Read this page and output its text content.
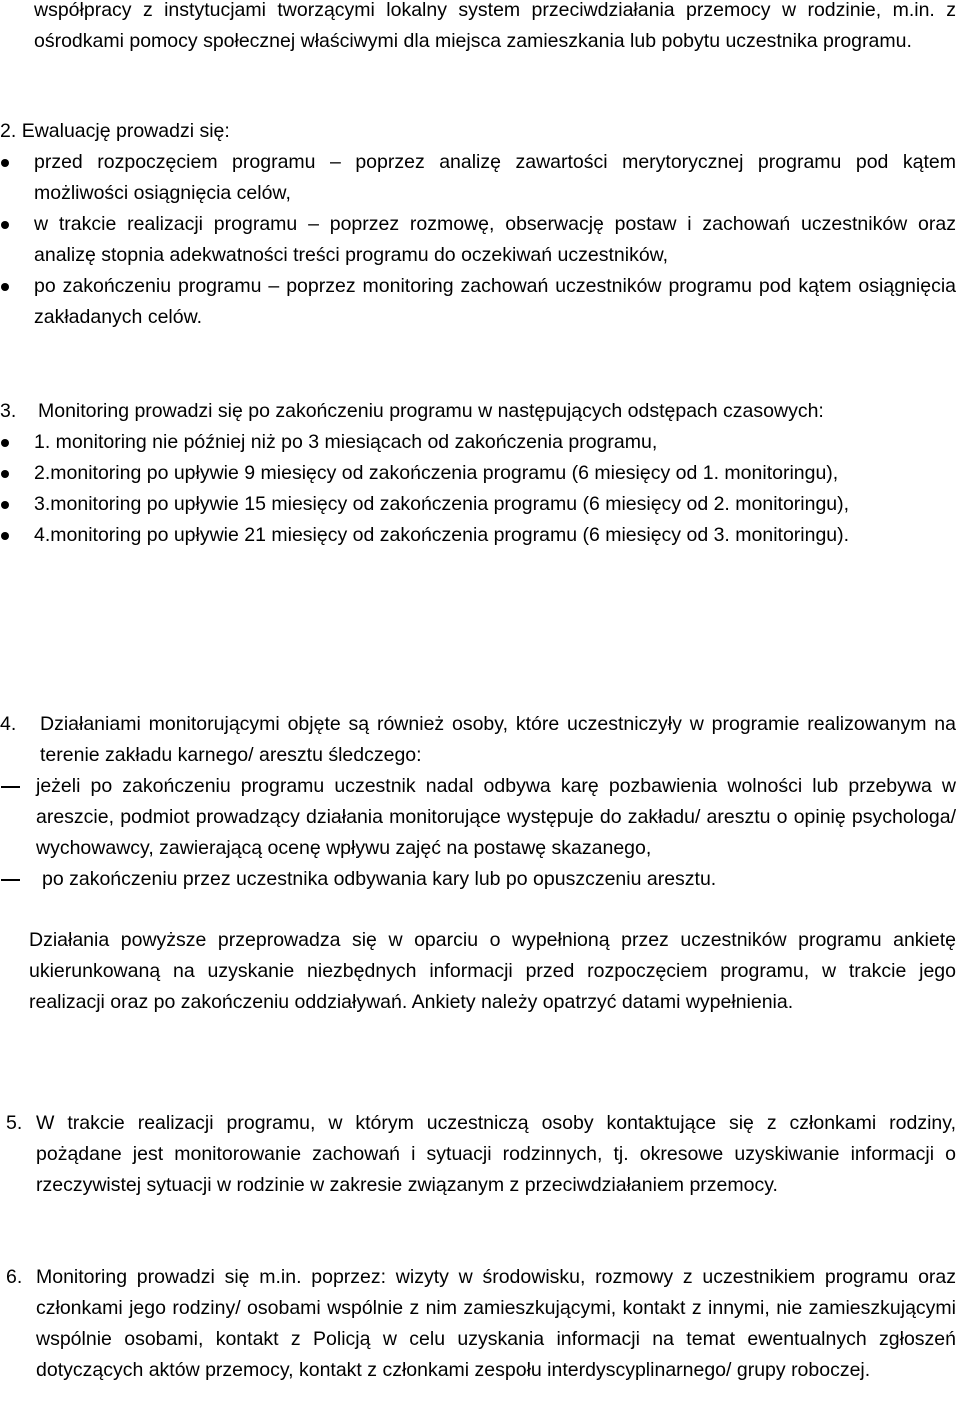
współpracy z instytucjami tworzącymi lokalny system przeciwdziałania przemocy w rodzinie, m.in. z ośrodkami pomocy społecznej właściwymi dla miejsca zamieszkania lub pobytu uczestnika programu.
2. Ewaluację prowadzi się:
przed rozpoczęciem programu – poprzez analizę zawartości merytorycznej programu pod kątem możliwości osiągnięcia celów,
w trakcie realizacji programu – poprzez rozmowę, obserwację postaw i zachowań uczestników oraz analizę stopnia adekwatności treści programu do oczekiwań uczestników,
po zakończeniu programu – poprzez monitoring zachowań uczestników programu pod kątem osiągnięcia zakładanych celów.
3. Monitoring prowadzi się po zakończeniu programu w następujących odstępach czasowych:
1. monitoring nie później niż po 3 miesiącach od zakończenia programu,
2.monitoring po upływie 9 miesięcy od zakończenia programu (6 miesięcy od 1. monitoringu),
3.monitoring po upływie 15 miesięcy od zakończenia programu (6 miesięcy od 2. monitoringu),
4.monitoring po upływie 21 miesięcy od zakończenia programu (6 miesięcy od 3. monitoringu).
4. Działaniami monitorującymi objęte są również osoby, które uczestniczyły w programie realizowanym na terenie zakładu karnego/ aresztu śledczego:
jeżeli po zakończeniu programu uczestnik nadal odbywa karę pozbawienia wolności lub przebywa w areszcie, podmiot prowadzący działania monitorujące występuje do zakładu/ aresztu o opinię psychologa/ wychowawcy, zawierającą ocenę wpływu zajęć na postawę skazanego,
po zakończeniu przez uczestnika odbywania kary lub po opuszczeniu aresztu.
Działania powyższe przeprowadza się w oparciu o wypełnioną przez uczestników programu ankietę ukierunkowaną na uzyskanie niezbędnych informacji przed rozpoczęciem programu, w trakcie jego realizacji oraz po zakończeniu oddziaływań. Ankiety należy opatrzyć datami wypełnienia.
5. W trakcie realizacji programu, w którym uczestniczą osoby kontaktujące się z członkami rodziny, pożądane jest monitorowanie zachowań i sytuacji rodzinnych, tj. okresowe uzyskiwanie informacji o rzeczywistej sytuacji w rodzinie w zakresie związanym z przeciwdziałaniem przemocy.
6. Monitoring prowadzi się m.in. poprzez: wizyty w środowisku, rozmowy z uczestnikiem programu oraz członkami jego rodziny/ osobami wspólnie z nim zamieszkującymi, kontakt z innymi, nie zamieszkującymi wspólnie osobami, kontakt z Policją w celu uzyskania informacji na temat ewentualnych zgłoszeń dotyczących aktów przemocy, kontakt z członkami zespołu interdyscyplinarnego/ grupy roboczej.
